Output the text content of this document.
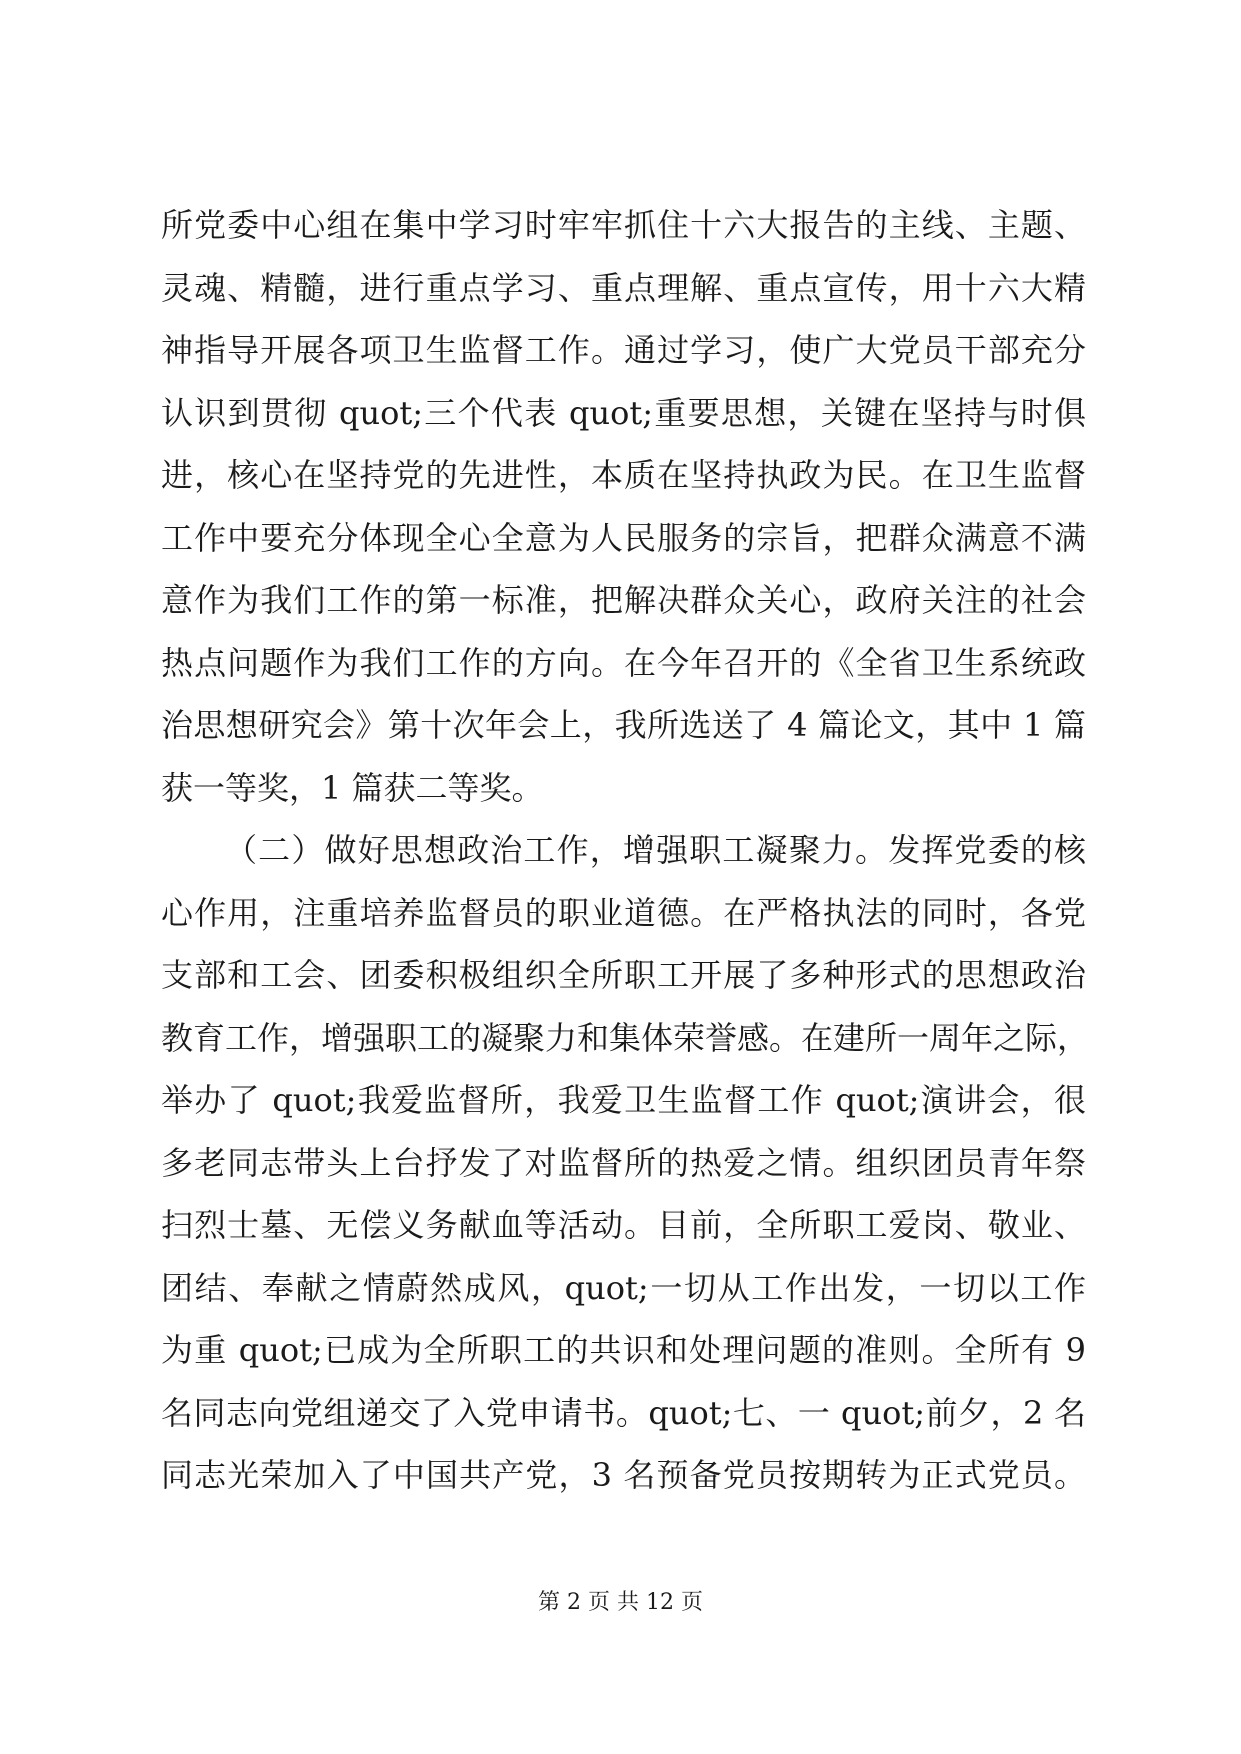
所党委中心组在集中学习时牢牢抓住十六大报告的主线、主题、
灵魂、精髓，进行重点学习、重点理解、重点宣传，用十六大精
神指导开展各项卫生监督工作。通过学习，使广大党员干部充分
认识到贯彻 quot;三个代表 quot;重要思想，关键在坚持与时俱
进，核心在坚持党的先进性，本质在坚持执政为民。在卫生监督
工作中要充分体现全心全意为人民服务的宗旨，把群众满意不满
意作为我们工作的第一标准，把解决群众关心，政府关注的社会
热点问题作为我们工作的方向。在今年召开的《全省卫生系统政
治思想研究会》第十次年会上，我所选送了 4 篇论文，其中 1 篇
获一等奖，1 篇获二等奖。
（二）做好思想政治工作，增强职工凝聚力。发挥党委的核
心作用，注重培养监督员的职业道德。在严格执法的同时，各党
支部和工会、团委积极组织全所职工开展了多种形式的思想政治
教育工作，增强职工的凝聚力和集体荣誉感。在建所一周年之际，
举办了 quot;我爱监督所，我爱卫生监督工作 quot;演讲会，很
多老同志带头上台抒发了对监督所的热爱之情。组织团员青年祭
扫烈士墓、无偿义务献血等活动。目前，全所职工爱岗、敬业、
团结、奉献之情蔚然成风，quot;一切从工作出发，一切以工作
为重 quot;已成为全所职工的共识和处理问题的准则。全所有 9
名同志向党组递交了入党申请书。quot;七、一 quot;前夕，2 名
同志光荣加入了中国共产党，3 名预备党员按期转为正式党员。
第 2 页 共 12 页
